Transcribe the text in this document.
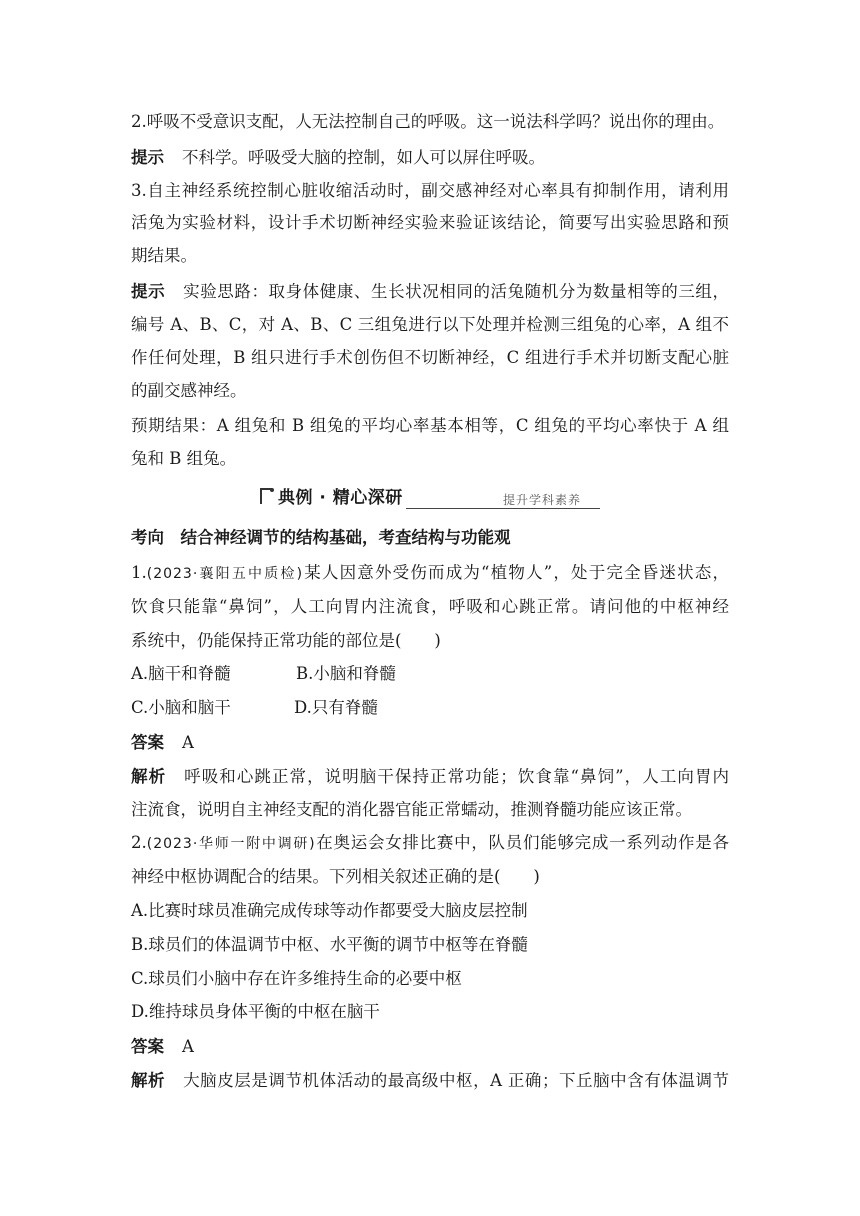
2.呼吸不受意识支配，人无法控制自己的呼吸。这一说法科学吗？说出你的理由。
提示 不科学。呼吸受大脑的控制，如人可以屏住呼吸。
3.自主神经系统控制心脏收缩活动时，副交感神经对心率具有抑制作用，请利用
活兔为实验材料，设计手术切断神经实验来验证该结论，简要写出实验思路和预
期结果。
提示 实验思路：取身体健康、生长状况相同的活兔随机分为数量相等的三组，
编号 A、B、C，对 A、B、C 三组兔进行以下处理并检测三组兔的心率，A 组不
作任何处理，B 组只进行手术创伤但不切断神经，C 组进行手术并切断支配心脏
的副交感神经。
预期结果：A 组兔和 B 组兔的平均心率基本相等，C 组兔的平均心率快于 A 组
兔和 B 组兔。
典例 · 精心深研	提升学科素养
考向　结合神经调节的结构基础，考查结构与功能观
1.(2023·襄阳五中质检)某人因意外受伤而成为“植物人”，处于完全昏迷状态，
饮食只能靠“鼻饲”，人工向胃内注流食，呼吸和心跳正常。请问他的中枢神经
系统中，仍能保持正常功能的部位是(　　)
A.脑干和脊髓	B.小脑和脊髓
C.小脑和脑干	D.只有脊髓
答案 A
解析 呼吸和心跳正常，说明脑干保持正常功能；饮食靠“鼻饲”，人工向胃内
注流食，说明自主神经支配的消化器官能正常蠕动，推测脊髓功能应该正常。
2.(2023·华师一附中调研)在奥运会女排比赛中，队员们能够完成一系列动作是各
神经中枢协调配合的结果。下列相关叙述正确的是(　　)
A.比赛时球员准确完成传球等动作都要受大脑皮层控制
B.球员们的体温调节中枢、水平衡的调节中枢等在脊髓
C.球员们小脑中存在许多维持生命的必要中枢
D.维持球员身体平衡的中枢在脑干
答案 A
解析 大脑皮层是调节机体活动的最高级中枢，A 正确；下丘脑中含有体温调节
